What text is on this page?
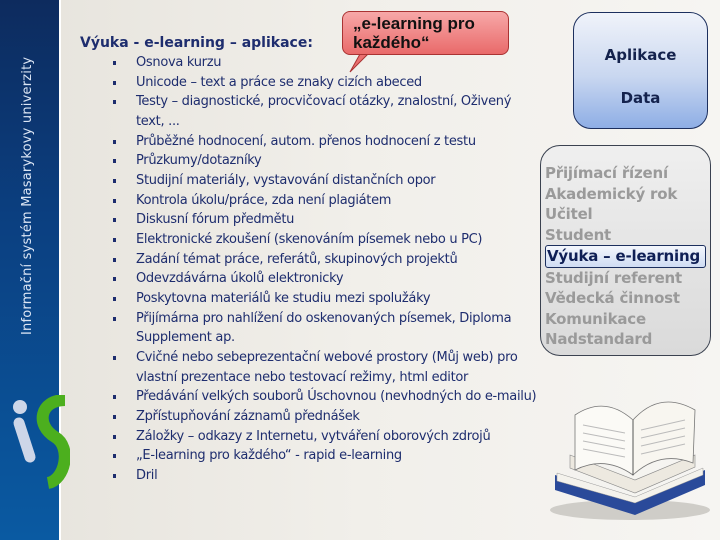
Informační systém Masarykovy univerzity
Výuka - e-learning – aplikace:
Osnova kurzu
Unicode – text a práce se znaky cizích abeced
Testy – diagnostické, procvičovací otázky, znalostní, Oživený text, ...
Průběžné hodnocení, autom. přenos hodnocení z testu
Průzkumy/dotazníky
Studijní materiály, vystavování distančních opor
Kontrola úkolu/práce, zda není plagiátem
Diskusní fórum předmětu
Elektronické zkoušení (skenováním písemek nebo u PC)
Zadání témat práce, referátů, skupinových projektů
Odevzdávárna úkolů elektronicky
Poskytovna materiálů ke studiu mezi spolužáky
Přijímárna pro nahlížení do oskenovaných písemek, Diploma Supplement ap.
Cvičné nebo sebeprezentační webové prostory (Můj web) pro vlastní prezentace nebo testovací režimy, html editor
Předávání velkých souborů Úschovnou (nevhodných do e-mailu)
Zpřístupňování záznamů přednášek
Záložky – odkazy z Internetu, vytváření oborových zdrojů
„E-learning pro každého“ - rapid e-learning
Dril
„e-learning pro každého“
Aplikace
Data
Přijímací řízení
Akademický rok
Učitel
Student
Výuka – e-learning
Studijní referent
Vědecká činnost
Komunikace
Nadstandard
